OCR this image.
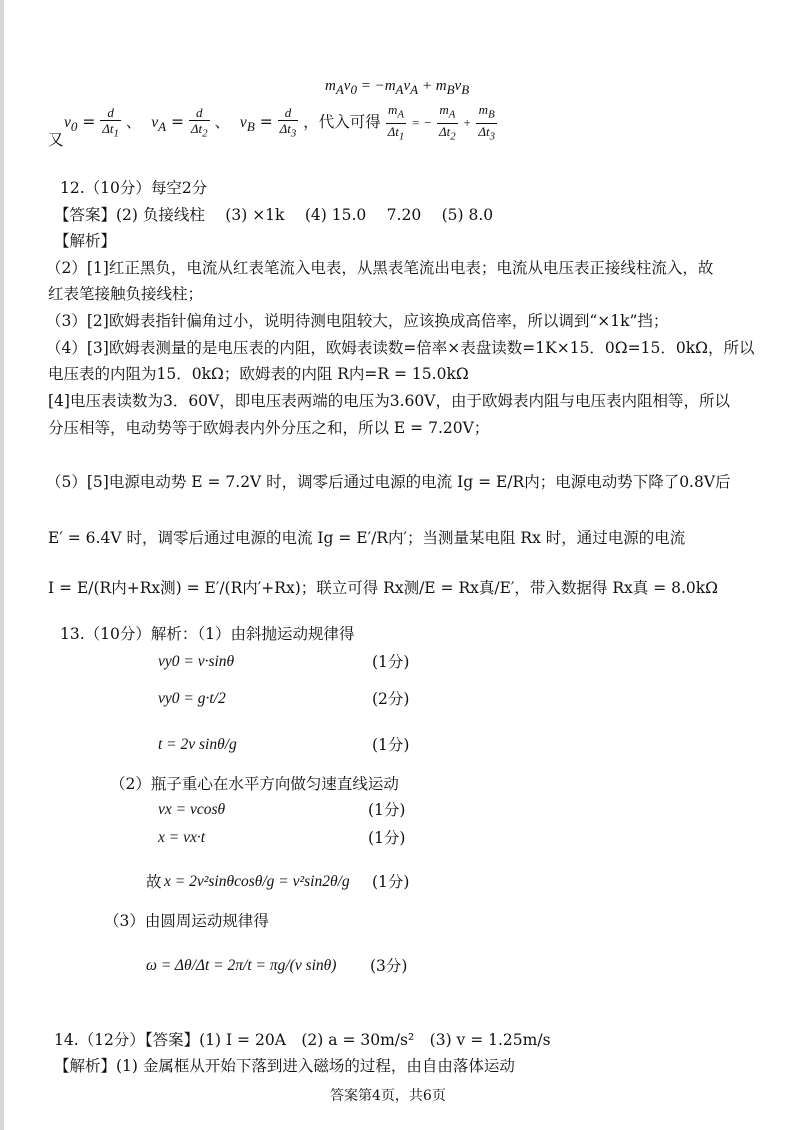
$m_Av_0 = -m_Av_A + m_Bv_B$
又
$v_0 = \frac{d}{\Delta t_1}$ 、 $v_A = \frac{d}{\Delta t_2}$ 、 $v_B = \frac{d}{\Delta t_3}$ ，代入可得 $\frac{m_A}{\Delta t_1}$ = − $\frac{m_A}{\Delta t_2} + \frac{m_B}{\Delta t_3}$
12.（10分）每空2分
【答案】(2) 负接线柱　 (3) ×1k　 (4) 15.0　 7.20　 (5) 8.0
【解析】
（2）[1]红正黑负，电流从红表笔流入电表，从黑表笔流出电表；电流从电压表正接线柱流入，故
红表笔接触负接线柱；
（3）[2]欧姆表指针偏角过小，说明待测电阻较大，应该换成高倍率，所以调到“×1k”挡；
（4）[3]欧姆表测量的是电压表的内阻，欧姆表读数=倍率×表盘读数=1K×15．0Ω=15．0kΩ，所以
电压表的内阻为15．0kΩ；欧姆表的内阻 R内=R = 15.0kΩ
[4]电压表读数为3．60V，即电压表两端的电压为3.60V，由于欧姆表内阻与电压表内阻相等，所以
分压相等，电动势等于欧姆表内外分压之和，所以 E = 7.20V；
（5）[5]电源电动势 E = 7.2V 时，调零后通过电源的电流 Ig = E/R内；电源电动势下降了0.8V后
E′ = 6.4V 时，调零后通过电源的电流 Ig = E′/R内′；当测量某电阻 Rx 时，通过电源的电流
I = E/(R内+Rx测) = E′/(R内′+Rx)；联立可得 Rx测/E = Rx真/E′，带入数据得 Rx真 = 8.0kΩ
13.（10分）解析：（1）由斜抛运动规律得
vy0 = v·sinθ	(1分)
vy0 = g·t/2	(2分)
t = 2v sinθ/g	(1分)
（2）瓶子重心在水平方向做匀速直线运动
vx = vcosθ	(1分)
x = vx·t	(1分)
故 x = 2v²sinθcosθ/g = v²sin2θ/g (1分)
（3）由圆周运动规律得
ω = Δθ/Δt = 2π/t = πg/(v sinθ) (3分)
14.（12分）【答案】(1) I = 20A　(2) a = 30m/s²　(3) v = 1.25m/s
【解析】(1) 金属框从开始下落到进入磁场的过程，由自由落体运动
答案第4页，共6页
